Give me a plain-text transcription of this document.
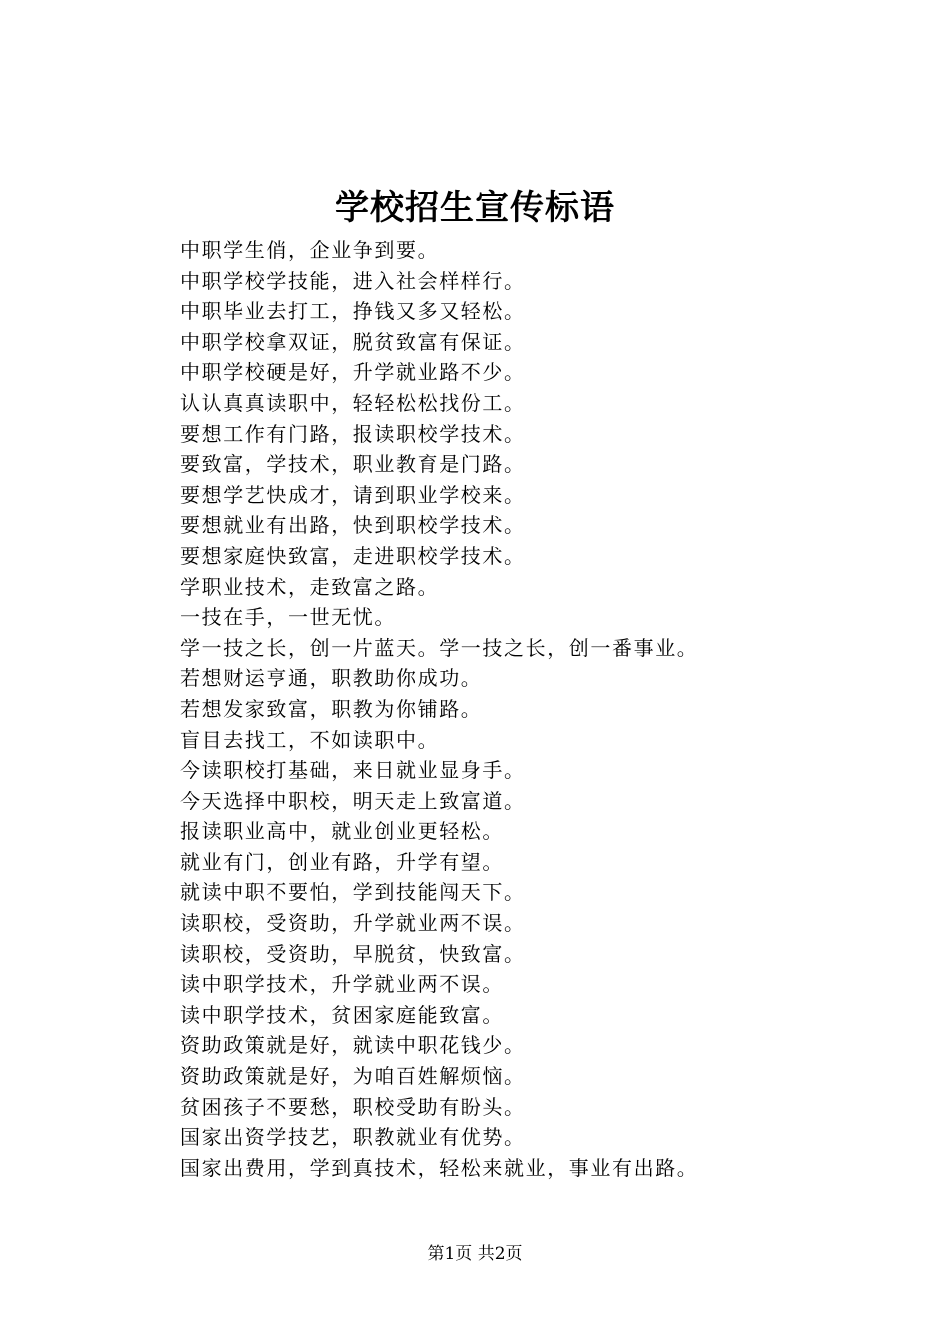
学校招生宣传标语
中职学生俏，企业争到要。
中职学校学技能，进入社会样样行。
中职毕业去打工，挣钱又多又轻松。
中职学校拿双证，脱贫致富有保证。
中职学校硬是好，升学就业路不少。
认认真真读职中，轻轻松松找份工。
要想工作有门路，报读职校学技术。
要致富，学技术，职业教育是门路。
要想学艺快成才，请到职业学校来。
要想就业有出路，快到职校学技术。
要想家庭快致富，走进职校学技术。
学职业技术，走致富之路。
一技在手，一世无忧。
学一技之长，创一片蓝天。学一技之长，创一番事业。
若想财运亨通，职教助你成功。
若想发家致富，职教为你铺路。
盲目去找工，不如读职中。
今读职校打基础，来日就业显身手。
今天选择中职校，明天走上致富道。
报读职业高中，就业创业更轻松。
就业有门，创业有路，升学有望。
就读中职不要怕，学到技能闯天下。
读职校，受资助，升学就业两不误。
读职校，受资助，早脱贫，快致富。
读中职学技术，升学就业两不误。
读中职学技术，贫困家庭能致富。
资助政策就是好，就读中职花钱少。
资助政策就是好，为咱百姓解烦恼。
贫困孩子不要愁，职校受助有盼头。
国家出资学技艺，职教就业有优势。
国家出费用，学到真技术，轻松来就业，事业有出路。
第1页 共2页
